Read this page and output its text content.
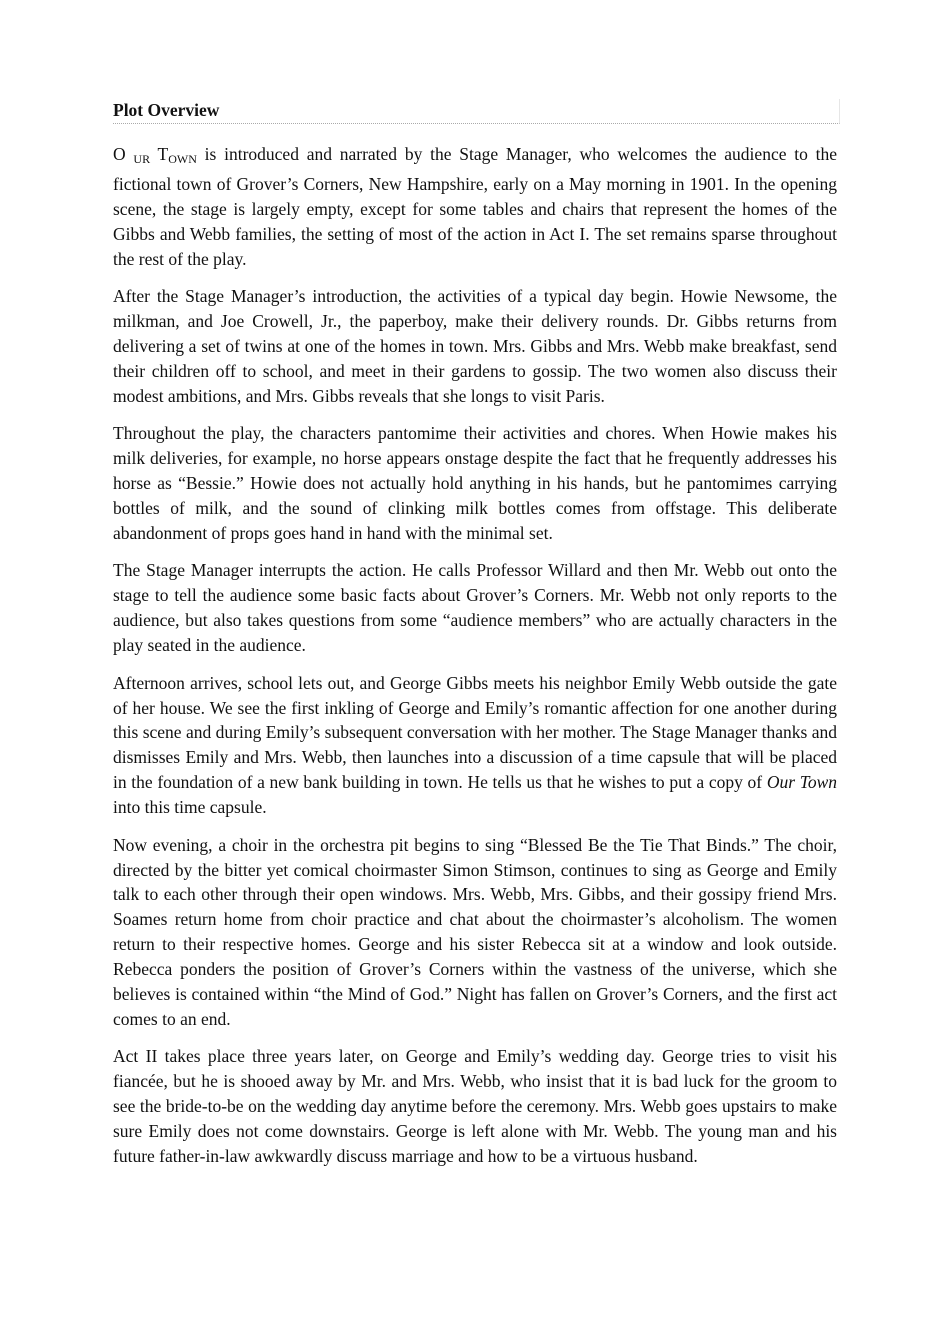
Plot Overview

O UR TOWN is introduced and narrated by the Stage Manager, who welcomes the audience to the fictional town of Grover’s Corners, New Hampshire, early on a May morning in 1901. In the opening scene, the stage is largely empty, except for some tables and chairs that represent the homes of the Gibbs and Webb families, the setting of most of the action in Act I. The set remains sparse throughout the rest of the play.

After the Stage Manager’s introduction, the activities of a typical day begin. Howie Newsome, the milkman, and Joe Crowell, Jr., the paperboy, make their delivery rounds. Dr. Gibbs returns from delivering a set of twins at one of the homes in town. Mrs. Gibbs and Mrs. Webb make breakfast, send their children off to school, and meet in their gardens to gossip. The two women also discuss their modest ambitions, and Mrs. Gibbs reveals that she longs to visit Paris.

Throughout the play, the characters pantomime their activities and chores. When Howie makes his milk deliveries, for example, no horse appears onstage despite the fact that he frequently addresses his horse as “Bessie.” Howie does not actually hold anything in his hands, but he pantomimes carrying bottles of milk, and the sound of clinking milk bottles comes from offstage. This deliberate abandonment of props goes hand in hand with the minimal set.

The Stage Manager interrupts the action. He calls Professor Willard and then Mr. Webb out onto the stage to tell the audience some basic facts about Grover’s Corners. Mr. Webb not only reports to the audience, but also takes questions from some “audience members” who are actually characters in the play seated in the audience.

Afternoon arrives, school lets out, and George Gibbs meets his neighbor Emily Webb outside the gate of her house. We see the first inkling of George and Emily’s romantic affection for one another during this scene and during Emily’s subsequent conversation with her mother. The Stage Manager thanks and dismisses Emily and Mrs. Webb, then launches into a discussion of a time capsule that will be placed in the foundation of a new bank building in town. He tells us that he wishes to put a copy of Our Town into this time capsule.

Now evening, a choir in the orchestra pit begins to sing “Blessed Be the Tie That Binds.” The choir, directed by the bitter yet comical choirmaster Simon Stimson, continues to sing as George and Emily talk to each other through their open windows. Mrs. Webb, Mrs. Gibbs, and their gossipy friend Mrs. Soames return home from choir practice and chat about the choirmaster’s alcoholism. The women return to their respective homes. George and his sister Rebecca sit at a window and look outside. Rebecca ponders the position of Grover’s Corners within the vastness of the universe, which she believes is contained within “the Mind of God.” Night has fallen on Grover’s Corners, and the first act comes to an end.

Act II takes place three years later, on George and Emily’s wedding day. George tries to visit his fiancée, but he is shooed away by Mr. and Mrs. Webb, who insist that it is bad luck for the groom to see the bride-to-be on the wedding day anytime before the ceremony. Mrs. Webb goes upstairs to make sure Emily does not come downstairs. George is left alone with Mr. Webb. The young man and his future father-in-law awkwardly discuss marriage and how to be a virtuous husband.
